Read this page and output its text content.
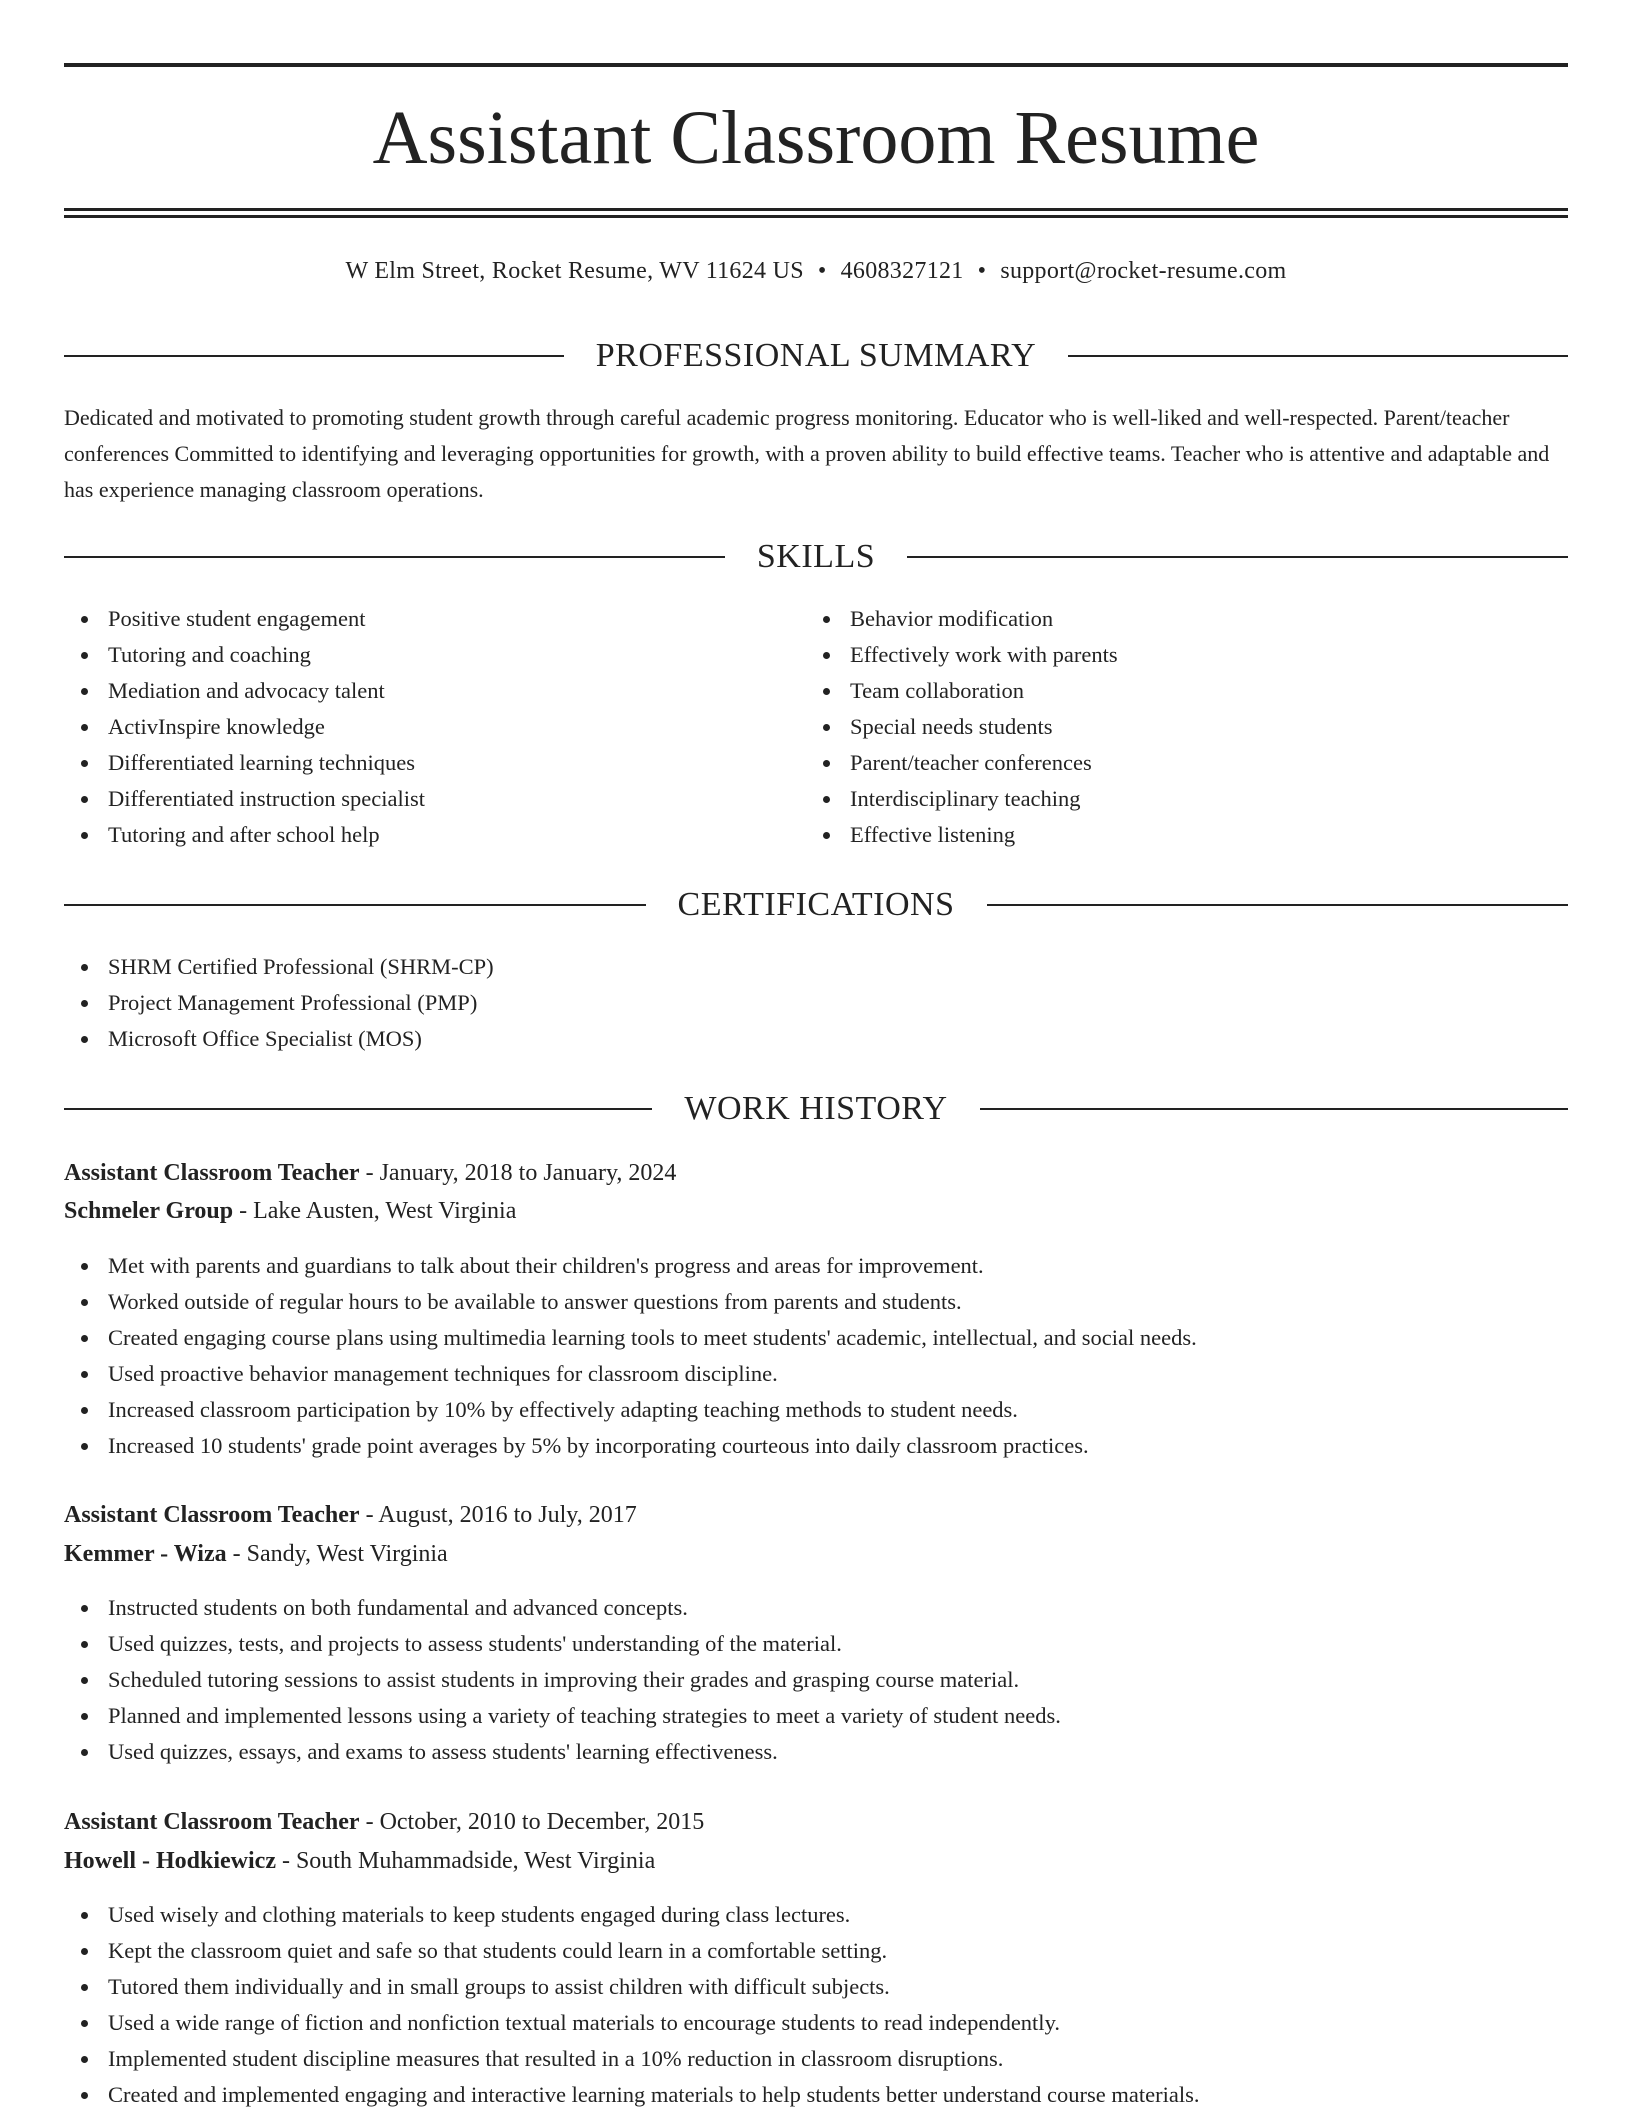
Assistant Classroom Resume
W Elm Street, Rocket Resume, WV 11624 US • 4608327121 • support@rocket-resume.com
PROFESSIONAL SUMMARY

Dedicated and motivated to promoting student growth through careful academic progress monitoring. Educator who is well-liked and well-respected. Parent/teacher conferences Committed to identifying and leveraging opportunities for growth, with a proven ability to build effective teams. Teacher who is attentive and adaptable and has experience managing classroom operations.

SKILLS
Positive student engagement
Tutoring and coaching
Mediation and advocacy talent
ActivInspire knowledge
Differentiated learning techniques
Differentiated instruction specialist
Tutoring and after school help
Behavior modification
Effectively work with parents
Team collaboration
Special needs students
Parent/teacher conferences
Interdisciplinary teaching
Effective listening
CERTIFICATIONS
SHRM Certified Professional (SHRM-CP)
Project Management Professional (PMP)
Microsoft Office Specialist (MOS)
WORK HISTORY
Assistant Classroom Teacher - January, 2018 to January, 2024
Schmeler Group - Lake Austen, West Virginia
Met with parents and guardians to talk about their children's progress and areas for improvement.
Worked outside of regular hours to be available to answer questions from parents and students.
Created engaging course plans using multimedia learning tools to meet students' academic, intellectual, and social needs.
Used proactive behavior management techniques for classroom discipline.
Increased classroom participation by 10% by effectively adapting teaching methods to student needs.
Increased 10 students' grade point averages by 5% by incorporating courteous into daily classroom practices.
Assistant Classroom Teacher - August, 2016 to July, 2017
Kemmer - Wiza - Sandy, West Virginia
Instructed students on both fundamental and advanced concepts.
Used quizzes, tests, and projects to assess students' understanding of the material.
Scheduled tutoring sessions to assist students in improving their grades and grasping course material.
Planned and implemented lessons using a variety of teaching strategies to meet a variety of student needs.
Used quizzes, essays, and exams to assess students' learning effectiveness.
Assistant Classroom Teacher - October, 2010 to December, 2015
Howell - Hodkiewicz - South Muhammadside, West Virginia
Used wisely and clothing materials to keep students engaged during class lectures.
Kept the classroom quiet and safe so that students could learn in a comfortable setting.
Tutored them individually and in small groups to assist children with difficult subjects.
Used a wide range of fiction and nonfiction textual materials to encourage students to read independently.
Implemented student discipline measures that resulted in a 10% reduction in classroom disruptions.
Created and implemented engaging and interactive learning materials to help students better understand course materials.
